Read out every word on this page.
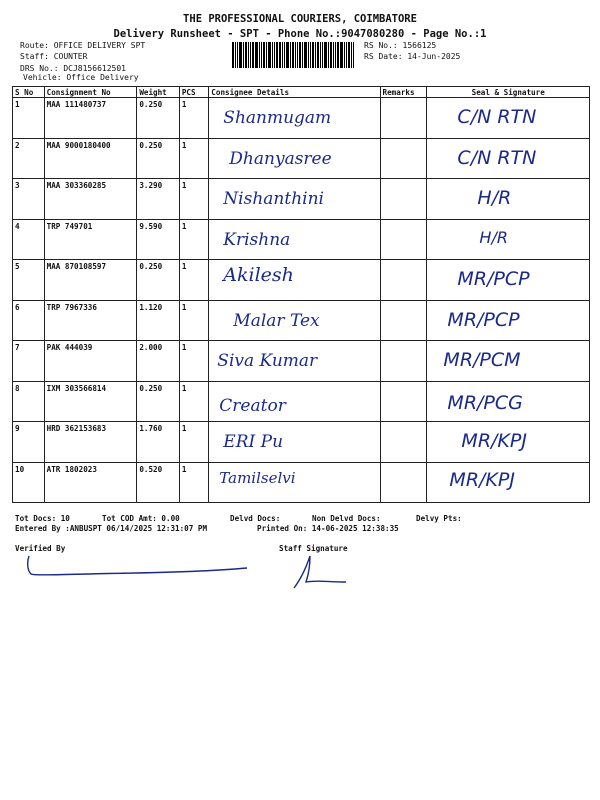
THE PROFESSIONAL COURIERS, COIMBATORE
Delivery Runsheet - SPT - Phone No.:9047080280 - Page No.:1
Route: OFFICE DELIVERY SPT
Staff: COUNTER
DRS No.: DCJ8156612501
Vehicle: Office Delivery
RS No.: 1566125
RS Date: 14-Jun-2025
S No	Consignment No	Weight	PCS	Consignee Details	Remarks	Seal & Signature
1	MAA 111480737	0.250	1	Shanmugam		C/N RTN

2	MAA 9000180400	0.250	1	Dhanyasree		C/N RTN

3	MAA 303360285	3.290	1	Nishanthini		H/R

4	TRP 749701	9.590	1	Krishna		H/R

5	MAA 870108597	0.250	1	Akilesh		MR/PCP

6	TRP 7967336	1.120	1	Malar Tex		MR/PCP

7	PAK 444039	2.000	1	Siva Kumar		MR/PCM

8	IXM 303566814	0.250	1	Creator		MR/PCG

9	HRD 362153683	1.760	1	ERI Pu		MR/KPJ

10	ATR 1802023	0.520	1	Tamilselvi		MR/KPJ
Tot Docs: 10	Tot COD Amt: 0.00	Delvd Docs:	Non Delvd Docs:	Delvy Pts:
Entered By :ANBUSPT 06/14/2025 12:31:07 PM	Printed On: 14-06-2025 12:38:35
Verified By	Staff Signature
